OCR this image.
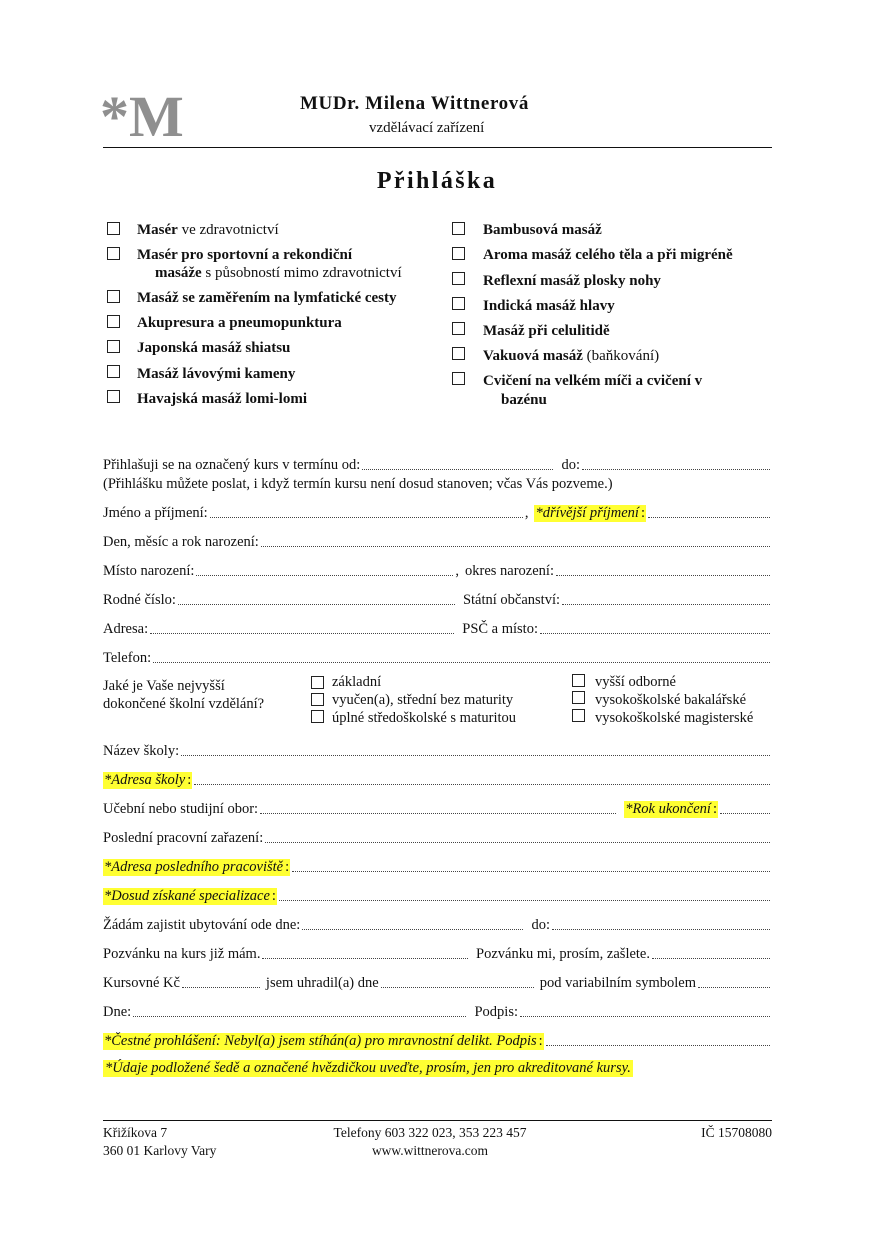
*M	MUDr. Milena Wittnerová
vzdělávací zařízení
Přihláška
Masér ve zdravotnictví
Masér pro sportovní a rekondiční
masáže s působností mimo zdravotnictví
Masáž se zaměřením na lymfatické cesty
Akupresura a pneumopunktura
Japonská masáž shiatsu
Masáž lávovými kameny
Havajská masáž lomi-lomi
Bambusová masáž
Aroma masáž celého těla a při migréně
Reflexní masáž plosky nohy
Indická masáž hlavy
Masáž při celulitidě
Vakuová masáž (baňkování)
Cvičení na velkém míči a cvičení v
bazénu
Přihlašuji se na označený kurs v termínu od:	do:
(Přihlášku můžete poslat, i když termín kursu není dosud stanoven; včas Vás pozveme.)
Jméno a příjmení:	, *dřívější příjmení :
Den, měsíc a rok narození:
Místo narození:	, okres narození:
Rodné číslo:	Státní občanství:
Adresa:	PSČ a místo:
Telefon:
Jaké je Vaše nejvyšší
dokončené školní vzdělání?
základní
vyučen(a), střední bez maturity
úplné středoškolské s maturitou
vyšší odborné
vysokoškolské bakalářské
vysokoškolské magisterské
Název školy:
*Adresa školy :
Učební nebo studijní obor:	*Rok ukončení :
Poslední pracovní zařazení:
*Adresa posledního pracoviště :
*Dosud získané specializace :
Žádám zajistit ubytování ode dne:	do:
Pozvánku na kurs již mám.	Pozvánku mi, prosím, zašlete.
Kursovné Kč	jsem uhradil(a) dne	pod variabilním symbolem
Dne:	Podpis:
*Čestné prohlášení: Nebyl(a) jsem stíhán(a) pro mravnostní delikt. Podpis :
*Údaje podložené šedě a označené hvězdičkou uveďte, prosím, jen pro akreditované kursy.
Křižíkova 7
360 01 Karlovy Vary
Telefony 603 322 023, 353 223 457
www.wittnerova.com
IČ 15708080
